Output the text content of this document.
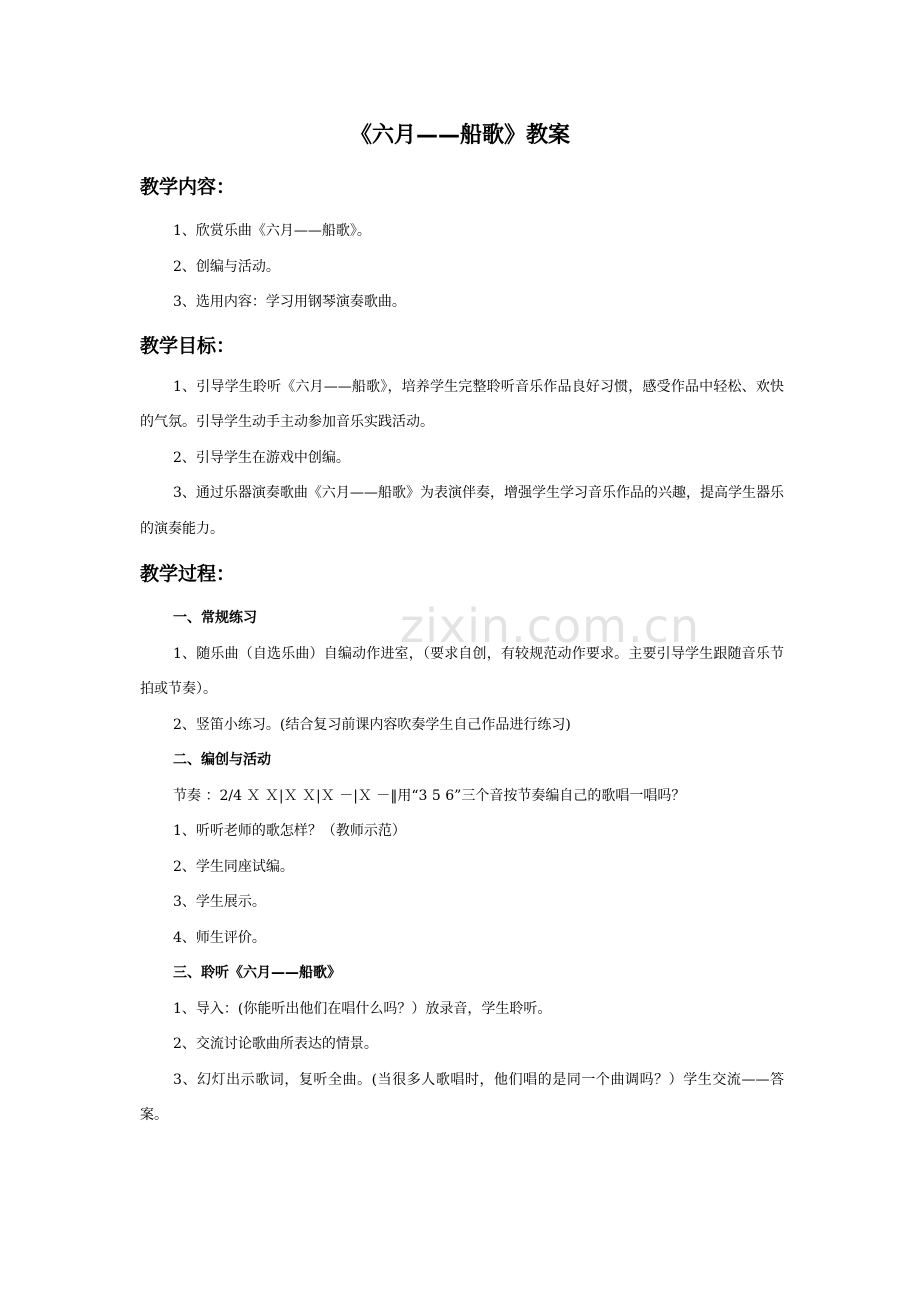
zixin.com.cn
《六月——船歌》教案
教学内容：

1、欣赏乐曲《六月——船歌》。

2、创编与活动。

3、选用内容：学习用钢琴演奏歌曲。

教学目标：

1、引导学生聆听《六月——船歌》，培养学生完整聆听音乐作品良好习惯，感受作品中轻松、欢快的气氛。引导学生动手主动参加音乐实践活动。

2、引导学生在游戏中创编。

3、通过乐器演奏歌曲《六月——船歌》为表演伴奏，增强学生学习音乐作品的兴趣，提高学生器乐的演奏能力。

教学过程：

一、常规练习

1、随乐曲（自选乐曲）自编动作进室，（要求自创，有较规范动作要求。主要引导学生跟随音乐节拍或节奏）。

2、竖笛小练习。(结合复习前课内容吹奏学生自己作品进行练习)

二、编创与活动

节奏 ：2/4 Ｘ Ｘ|Ｘ Ｘ|Ｘ －|Ｘ －‖用“3 5 6”三个音按节奏编自己的歌唱一唱吗？

1、听听老师的歌怎样？（教师示范）

2、学生同座试编。

3、学生展示。

4、师生评价。

三、聆听《六月——船歌》

1、导入：(你能听出他们在唱什么吗？）放录音，学生聆听。

2、交流讨论歌曲所表达的情景。

3、幻灯出示歌词，复听全曲。(当很多人歌唱时，他们唱的是同一个曲调吗？）学生交流——答案。
